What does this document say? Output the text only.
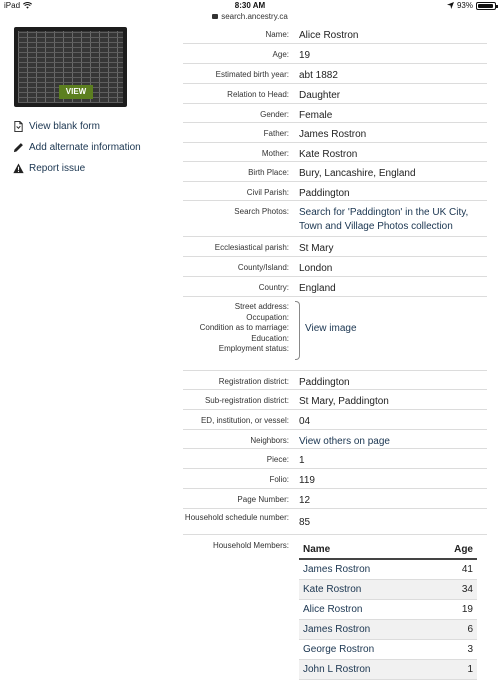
iPad	8:30 AM	93%
search.ancestry.ca
VIEW
View blank form
Add alternate information
Report issue
Name:	Alice Rostron
Age:	19
Estimated birth year:	abt 1882
Relation to Head:	Daughter
Gender:	Female
Father:	James Rostron
Mother:	Kate Rostron
Birth Place:	Bury, Lancashire, England
Civil Parish:	Paddington
Search Photos:	Search for 'Paddington' in the UK City, Town and Village Photos collection
Ecclesiastical parish:	St Mary
County/Island:	London
Country:	England
Street address:
Occupation:
Condition as to marriage:
Education:
Employment status:
View image
Registration district:	Paddington
Sub-registration district:	St Mary, Paddington
ED, institution, or vessel:	04
Neighbors:	View others on page
Piece:	1
Folio:	119
Page Number:	12
Household schedule number:	85
Household Members:	Name	Age
James Rostron	41
Kate Rostron	34
Alice Rostron	19
James Rostron	6
George Rostron	3
John L Rostron	1
